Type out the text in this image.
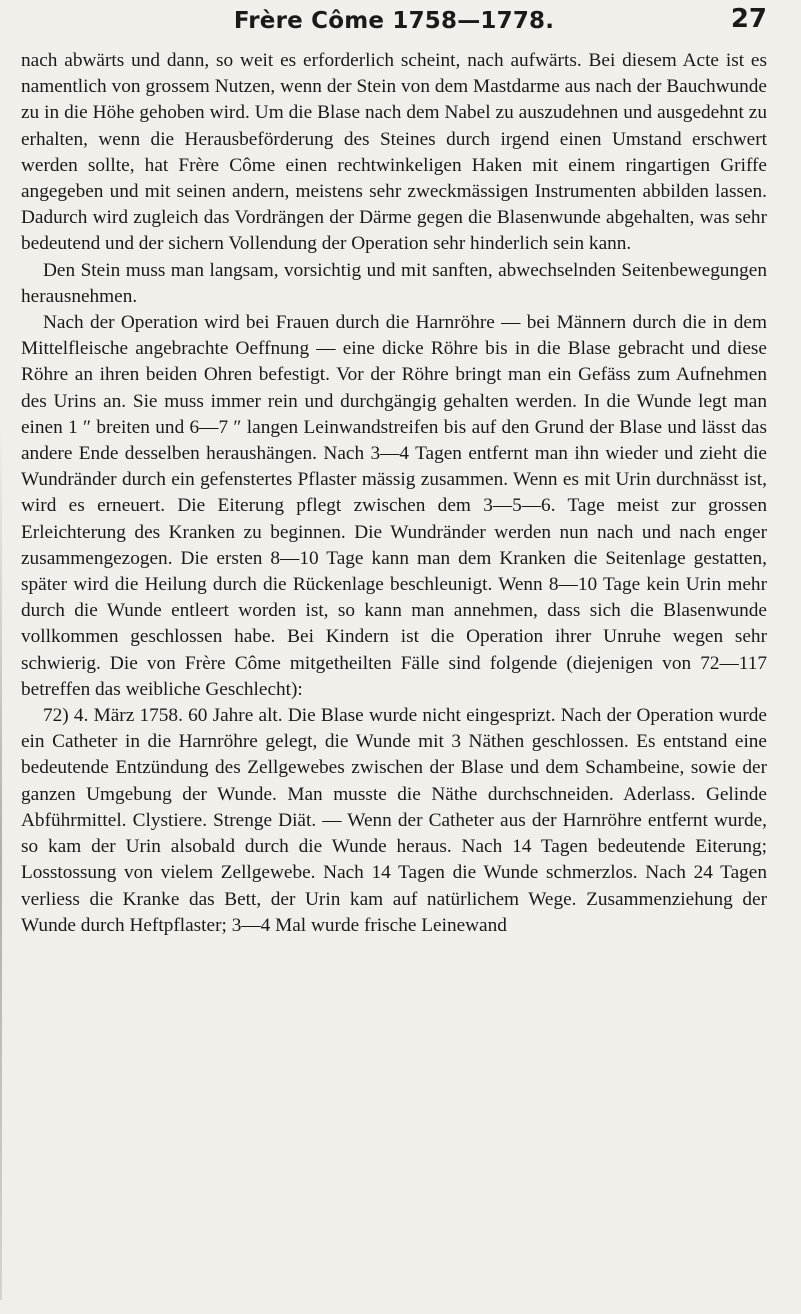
Frère Côme 1758—1778.	27

nach abwärts und dann, so weit es erforderlich scheint, nach aufwärts. Bei diesem Acte ist es namentlich von grossem Nutzen, wenn der Stein von dem Mastdarme aus nach der Bauchwunde zu in die Höhe gehoben wird. Um die Blase nach dem Nabel zu auszudehnen und ausgedehnt zu erhalten, wenn die Herausbeförderung des Steines durch irgend einen Umstand erschwert werden sollte, hat Frère Côme einen rechtwinkeligen Haken mit einem ringartigen Griffe angegeben und mit seinen andern, meistens sehr zweckmässigen Instrumenten abbilden lassen. Dadurch wird zugleich das Vordrängen der Därme gegen die Blasenwunde abgehalten, was sehr bedeutend und der sichern Vollendung der Operation sehr hinderlich sein kann.

Den Stein muss man langsam, vorsichtig und mit sanften, abwechselnden Seitenbewegungen herausnehmen.

Nach der Operation wird bei Frauen durch die Harnröhre — bei Männern durch die in dem Mittelfleische angebrachte Oeffnung — eine dicke Röhre bis in die Blase gebracht und diese Röhre an ihren beiden Ohren befestigt. Vor der Röhre bringt man ein Gefäss zum Aufnehmen des Urins an. Sie muss immer rein und durchgängig gehalten werden. In die Wunde legt man einen 1 ″ breiten und 6—7 ″ langen Leinwandstreifen bis auf den Grund der Blase und lässt das andere Ende desselben heraushängen. Nach 3—4 Tagen entfernt man ihn wieder und zieht die Wundränder durch ein gefenstertes Pflaster mässig zusammen. Wenn es mit Urin durchnässt ist, wird es erneuert. Die Eiterung pflegt zwischen dem 3—5—6. Tage meist zur grossen Erleichterung des Kranken zu beginnen. Die Wundränder werden nun nach und nach enger zusammengezogen. Die ersten 8—10 Tage kann man dem Kranken die Seitenlage gestatten, später wird die Heilung durch die Rückenlage beschleunigt. Wenn 8—10 Tage kein Urin mehr durch die Wunde entleert worden ist, so kann man annehmen, dass sich die Blasenwunde vollkommen geschlossen habe. Bei Kindern ist die Operation ihrer Unruhe wegen sehr schwierig. Die von Frère Côme mitgetheilten Fälle sind folgende (diejenigen von 72—117 betreffen das weibliche Geschlecht):

72) 4. März 1758. 60 Jahre alt. Die Blase wurde nicht eingesprizt. Nach der Operation wurde ein Catheter in die Harnröhre gelegt, die Wunde mit 3 Näthen geschlossen. Es entstand eine bedeutende Entzündung des Zellgewebes zwischen der Blase und dem Schambeine, sowie der ganzen Umgebung der Wunde. Man musste die Näthe durchschneiden. Aderlass. Gelinde Abführmittel. Clystiere. Strenge Diät. — Wenn der Catheter aus der Harnröhre entfernt wurde, so kam der Urin alsobald durch die Wunde heraus. Nach 14 Tagen bedeutende Eiterung; Losstossung von vielem Zellgewebe. Nach 14 Tagen die Wunde schmerzlos. Nach 24 Tagen verliess die Kranke das Bett, der Urin kam auf natürlichem Wege. Zusammenziehung der Wunde durch Heftpflaster; 3—4 Mal wurde frische Leinewand
